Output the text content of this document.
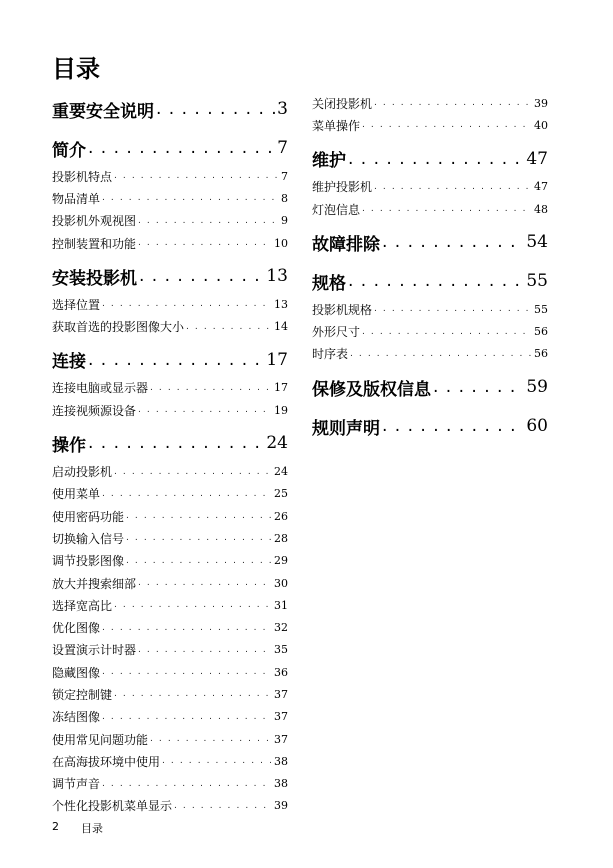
目录
重要安全说明 . . .	3
简介 . . .	7
投影机特点 . . .	7
物品清单 . . .	8
投影机外观视图 . . .	9
控制装置和功能 . . .	10
安装投影机 . . .	13
选择位置 . . .	13
获取首选的投影图像大小 . . .	14
连接 . . .	17
连接电脑或显示器 . . .	17
连接视频源设备 . . .	19
操作 . . .	24
启动投影机 . . .	24
使用菜单 . . .	25
使用密码功能 . . .	26
切换输入信号 . . .	28
调节投影图像 . . .	29
放大并搜索细部 . . .	30
选择宽高比 . . .	31
优化图像 . . .	32
设置演示计时器 . . .	35
隐藏图像 . . .	36
锁定控制键 . . .	37
冻结图像 . . .	37
使用常见问题功能 . . .	37
在高海拔环境中使用 . . .	38
调节声音 . . .	38
个性化投影机菜单显示 . . .	39
关闭投影机 . . .	39
菜单操作 . . .	40
维护 . . .	47
维护投影机 . . .	47
灯泡信息 . . .	48
故障排除 . . .	54
规格 . . .	55
投影机规格 . . .	55
外形尺寸 . . .	56
时序表 . . .	56
保修及版权信息 . . .	59
规则声明 . . .	60
2 目录
